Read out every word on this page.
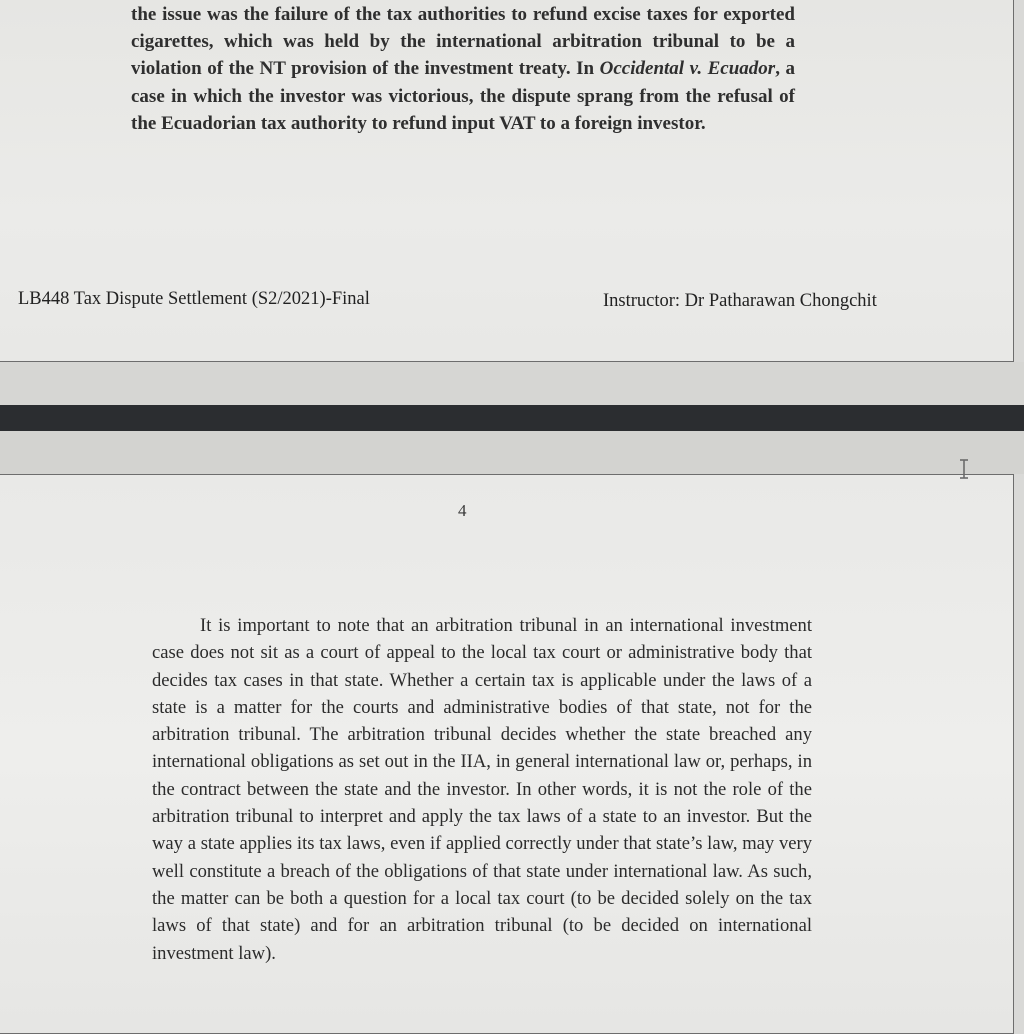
the issue was the failure of the tax authorities to refund excise taxes for exported cigarettes, which was held by the international arbitration tribunal to be a violation of the NT provision of the investment treaty. In Occidental v. Ecuador, a case in which the investor was victorious, the dispute sprang from the refusal of the Ecuadorian tax authority to refund input VAT to a foreign investor.

LB448 Tax Dispute Settlement (S2/2021)-Final	Instructor: Dr Patharawan Chongchit
4

It is important to note that an arbitration tribunal in an international investment case does not sit as a court of appeal to the local tax court or administrative body that decides tax cases in that state. Whether a certain tax is applicable under the laws of a state is a matter for the courts and administrative bodies of that state, not for the arbitration tribunal. The arbitration tribunal decides whether the state breached any international obligations as set out in the IIA, in general international law or, perhaps, in the contract between the state and the investor. In other words, it is not the role of the arbitration tribunal to interpret and apply the tax laws of a state to an investor. But the way a state applies its tax laws, even if applied correctly under that state’s law, may very well constitute a breach of the obligations of that state under international law. As such, the matter can be both a question for a local tax court (to be decided solely on the tax laws of that state) and for an arbitration tribunal (to be decided on international investment law).
